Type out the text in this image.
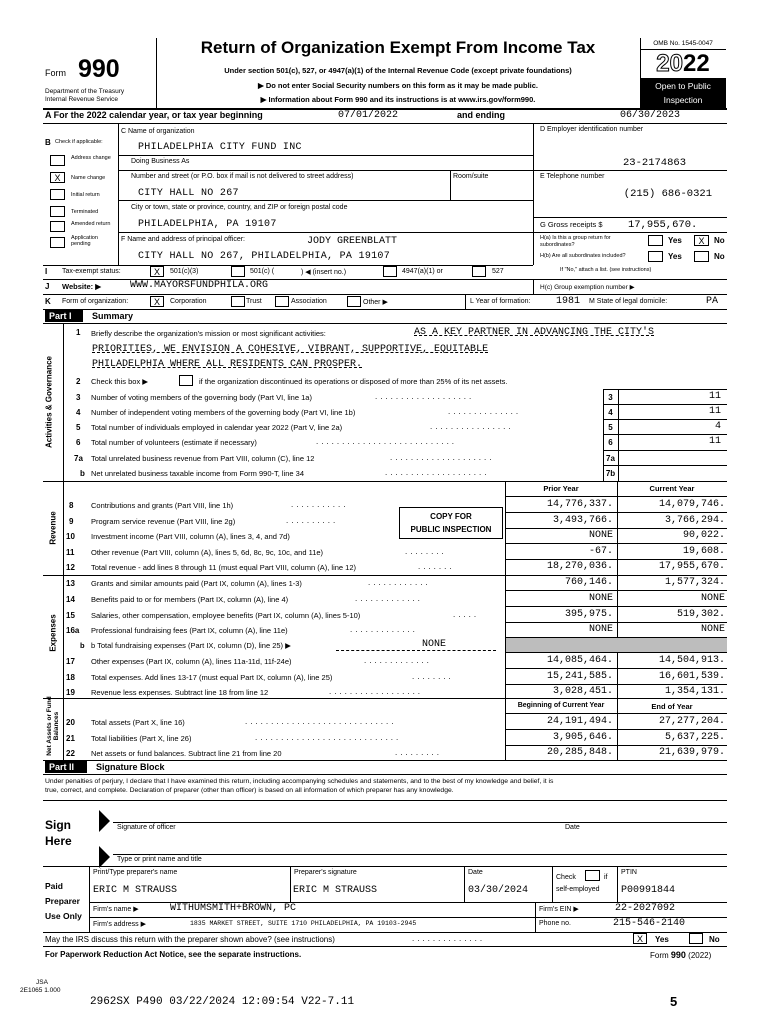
Form 990
Department of the Treasury
Internal Revenue Service
Return of Organization Exempt From Income Tax
Under section 501(c), 527, or 4947(a)(1) of the Internal Revenue Code (except private foundations)
▶ Do not enter Social Security numbers on this form as it may be made public.
▶ Information about Form 990 and its instructions is at www.irs.gov/form990.
OMB No. 1545-0047
2022
Open to Public
Inspection
A For the 2022 calendar year, or tax year beginning	07/01/2022	and ending	06/30/2023
B Check if applicable:
Address change
X	Name change
Initial return
Terminated
Amended return
Application pending
C Name of organization
PHILADELPHIA CITY FUND INC
Doing Business As
Number and street (or P.O. box if mail is not delivered to street address)	Room/suite
CITY HALL NO 267
City or town, state or province, country, and ZIP or foreign postal code
PHILADELPHIA, PA 19107
F Name and address of principal officer:	JODY GREENBLATT
CITY HALL NO 267, PHILADELPHIA, PA 19107
D Employer identification number
23-2174863
E Telephone number
(215) 686-0321
G Gross receipts $ 17,955,670.
H(a) Is this a group return for subordinates?	Yes	X	No
H(b) Are all subordinates included?	Yes	No
If "No," attach a list. (see instructions)
I Tax-exempt status:	X	501(c)(3)	501(c) (	) ◀ (insert no.)	4947(a)(1) or	527
J Website: ▶	WWW.MAYORSFUNDPHILA.ORG	H(c) Group exemption number ▶
K Form of organization:	X	Corporation	Trust	Association	Other ▶	L Year of formation:	1981 M State of legal domicile:	PA
Part I	Summary
Activities & Governance
Revenue
Expenses
Net Assets or Fund Balances
1 Briefly describe the organization's mission or most significant activities:	AS A KEY PARTNER IN ADVANCING THE CITY'S
PRIORITIES, WE ENVISION A COHESIVE, VIBRANT, SUPPORTIVE, EQUITABLE
PHILADELPHIA WHERE ALL RESIDENTS CAN PROSPER.
2 Check this box ▶	if the organization discontinued its operations or disposed of more than 25% of its net assets.
3 Number of voting members of the governing body (Part VI, line 1a)	...................	3	11
4 Number of independent voting members of the governing body (Part VI, line 1b)	..............	4	11
5 Total number of individuals employed in calendar year 2022 (Part V, line 2a)	................	5	4
6 Total number of volunteers (estimate if necessary)	...........................	6	11
7a Total unrelated business revenue from Part VIII, column (C), line 12	....................	7a
b Net unrelated business taxable income from Form 990-T, line 34	....................	7b
Prior Year	Current Year
COPY FOR
PUBLIC INSPECTION
8 Contributions and grants (Part VIII, line 1h)	...........	14,776,337.	14,079,746.
9 Program service revenue (Part VIII, line 2g)	..........	3,493,766.	3,766,294.
10 Investment income (Part VIII, column (A), lines 3, 4, and 7d)	NONE	90,022.
11 Other revenue (Part VIII, column (A), lines 5, 6d, 8c, 9c, 10c, and 11e)	........	-67.	19,608.
12 Total revenue - add lines 8 through 11 (must equal Part VIII, column (A), line 12)	.......	18,270,036.	17,955,670.
13 Grants and similar amounts paid (Part IX, column (A), lines 1-3)	............	760,146.	1,577,324.
14 Benefits paid to or for members (Part IX, column (A), line 4)	.............	NONE	NONE
15 Salaries, other compensation, employee benefits (Part IX, column (A), lines 5-10)	.....	395,975.	519,302.
16a Professional fundraising fees (Part IX, column (A), line 11e)	.............	NONE	NONE
b b Total fundraising expenses (Part IX, column (D), line 25) ▶	NONE
17 Other expenses (Part IX, column (A), lines 11a-11d, 11f-24e)	.............	14,085,464.	14,504,913.
18 Total expenses. Add lines 13-17 (must equal Part IX, column (A), line 25)	........	15,241,585.	16,601,539.
19 Revenue less expenses. Subtract line 18 from line 12	..................	3,028,451.	1,354,131.
Beginning of Current Year	End of Year
20 Total assets (Part X, line 16)	.............................	24,191,494.	27,277,204.
21 Total liabilities (Part X, line 26)	............................	3,905,646.	5,637,225.
22 Net assets or fund balances. Subtract line 21 from line 20	.........	20,285,848.	21,639,979.
Part II	Signature Block
Under penalties of perjury, I declare that I have examined this return, including accompanying schedules and statements, and to the best of my knowledge and belief, it is
true, correct, and complete. Declaration of preparer (other than officer) is based on all information of which preparer has any knowledge.
Sign
Here
Signature of officer	Date
Type or print name and title
Paid
Preparer
Use Only
Print/Type preparer's name	Preparer's signature	Date
Check	if
self-employed
PTIN
ERIC M STRAUSS	ERIC M STRAUSS	03/30/2024	P00991844
Firm's name ▶	WITHUMSMITH+BROWN, PC	Firm's EIN ▶	22-2027092
Firm's address ▶	1835 MARKET STREET, SUITE 1710 PHILADELPHIA, PA 19103-2945	Phone no.	215-546-2140
May the IRS discuss this return with the preparer shown above? (see instructions)	..............	X	Yes	No
For Paperwork Reduction Act Notice, see the separate instructions.	Form 990 (2022)
JSA
2E1065 1.000
2962SX P490 03/22/2024 12:09:54 V22-7.11	5
